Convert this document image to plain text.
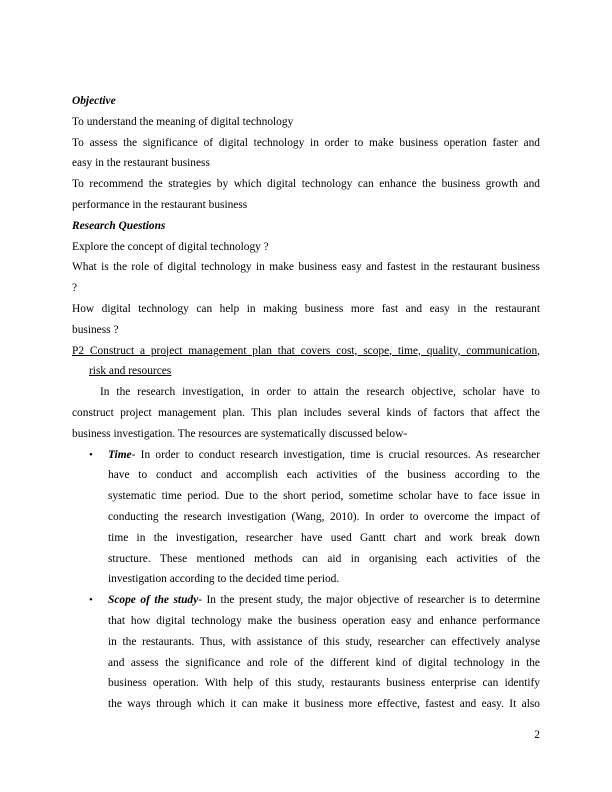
Objective
To understand the meaning of digital technology
To assess the significance of digital technology in order to make business operation faster and
easy in the restaurant business
To recommend the strategies by which digital technology can enhance the business growth and
performance in the restaurant business
Research Questions
Explore the concept of digital technology ?
What is the role of digital technology in make business easy and fastest in the restaurant business
?
How digital technology can help in making business more fast and easy in the restaurant
business ?
P2 Construct a project management plan that covers cost, scope, time, quality, communication,
risk and resources
In the research investigation, in order to attain the research objective, scholar have to
construct project management plan. This plan includes several kinds of factors that affect the
business investigation. The resources are systematically discussed below-
•	Time- In order to conduct research investigation, time is crucial resources. As researcher
have to conduct and accomplish each activities of the business according to the
systematic time period. Due to the short period, sometime scholar have to face issue in
conducting the research investigation (Wang, 2010). In order to overcome the impact of
time in the investigation, researcher have used Gantt chart and work break down
structure. These mentioned methods can aid in organising each activities of the
investigation according to the decided time period.
•	Scope of the study- In the present study, the major objective of researcher is to determine
that how digital technology make the business operation easy and enhance performance
in the restaurants. Thus, with assistance of this study, researcher can effectively analyse
and assess the significance and role of the different kind of digital technology in the
business operation. With help of this study, restaurants business enterprise can identify
the ways through which it can make it business more effective, fastest and easy. It also
2
